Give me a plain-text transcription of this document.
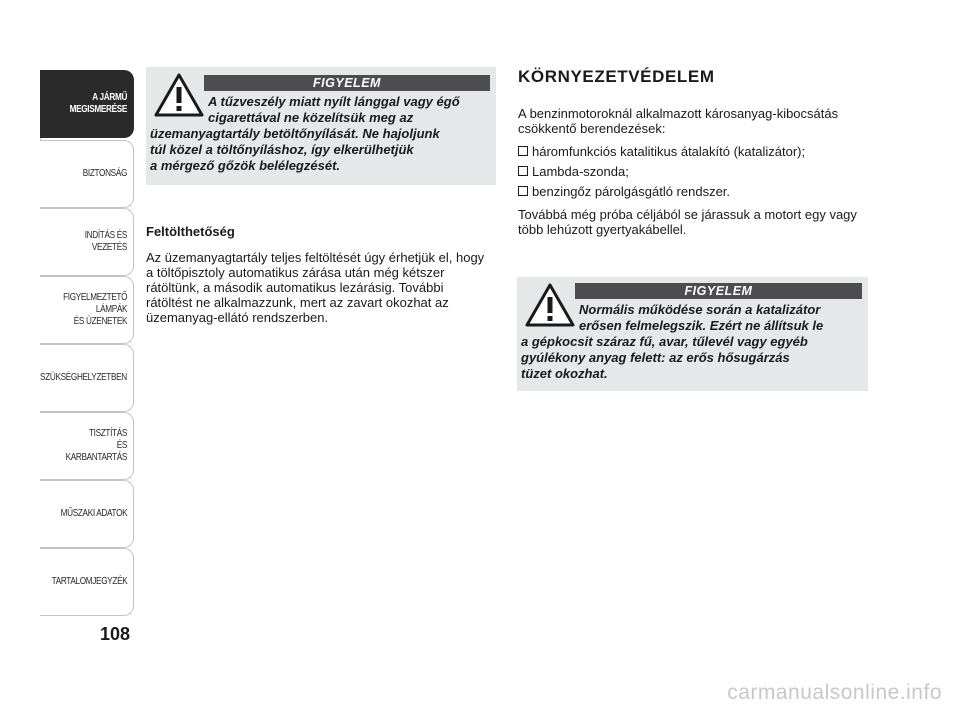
A JÁRMŰ
MEGISMERÉSE
BIZTONSÁG
INDÍTÁS ÉS VEZETÉS
FIGYELMEZTETŐ
LÁMPÁK
ÉS ÜZENETEK
SZÜKSÉGHELYZETBEN
TISZTÍTÁS
ÉS KARBANTARTÁS
MŰSZAKI ADATOK
TARTALOMJEGYZÉK
108
FIGYELEM
A tűzveszély miatt nyílt lánggal vagy égő
cigarettával ne közelítsük meg az
üzemanyagtartály betöltőnyílását. Ne hajoljunk
túl közel a töltőnyíláshoz, így elkerülhetjük
a mérgező gőzök belélegzését.
Feltölthetőség
Az üzemanyagtartály teljes feltöltését úgy érhetjük el, hogy a töltőpisztoly automatikus zárása után még kétszer rátöltünk, a második automatikus lezárásig. További rátöltést ne alkalmazzunk, mert az zavart okozhat az üzemanyag-ellátó rendszerben.
KÖRNYEZETVÉDELEM
A benzinmotoroknál alkalmazott károsanyag-kibocsátás csökkentő berendezések:
háromfunkciós katalitikus átalakító (katalizátor);
Lambda-szonda;
benzingőz párolgásgátló rendszer.
Továbbá még próba céljából se járassuk a motort egy vagy több lehúzott gyertyakábellel.
FIGYELEM
Normális működése során a katalizátor
erősen felmelegszik. Ezért ne állítsuk le
a gépkocsit száraz fű, avar, tűlevél vagy egyéb
gyúlékony anyag felett: az erős hősugárzás
tüzet okozhat.
carmanualsonline.info
